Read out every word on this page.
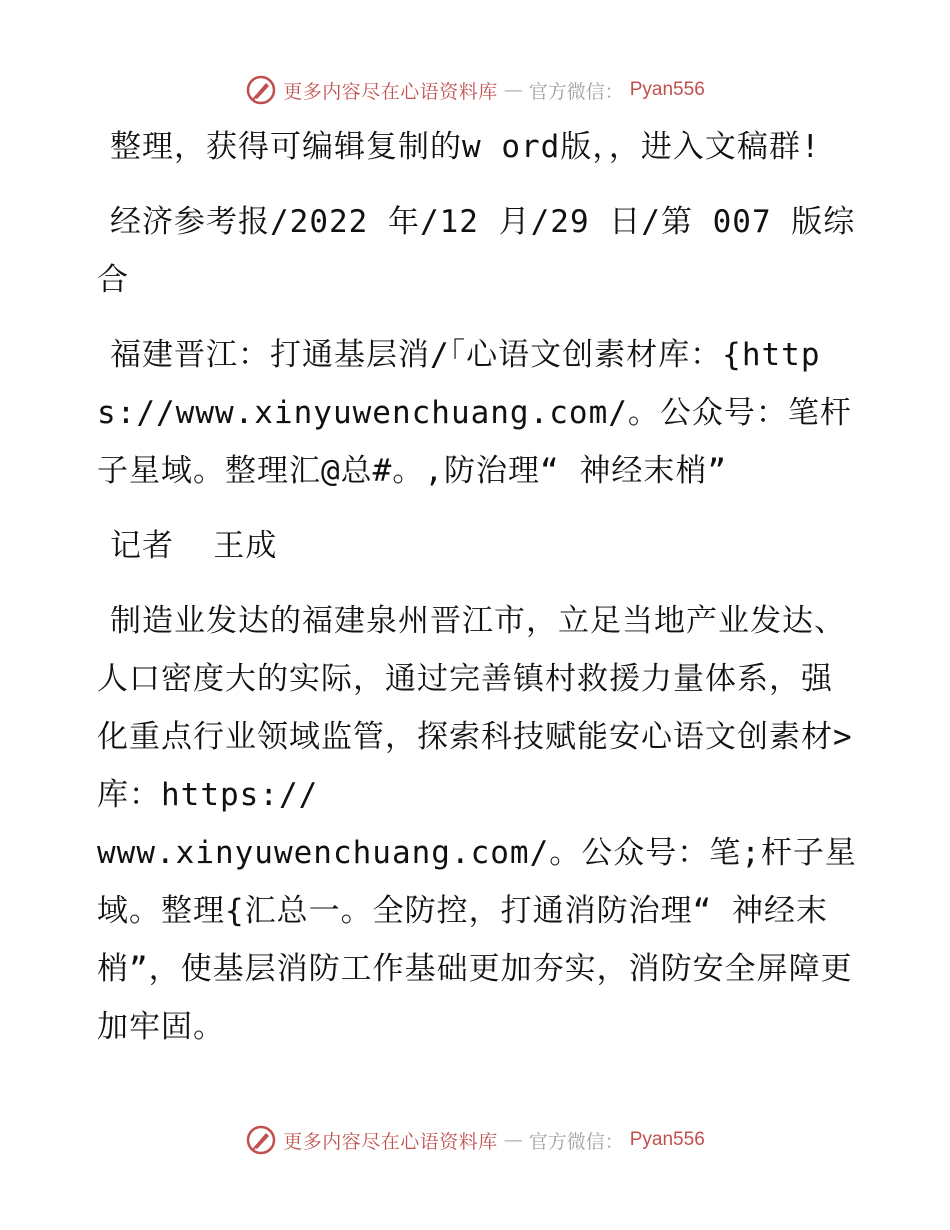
更多内容尽在心语资料库 — 官方微信： Pyan556

整理，获得可编辑复制的w ord版，，进入文稿群!

经济参考报/2022 年/12 月/29 日/第 007 版综合

福建晋江：打通基层消/｢心语文创素材库：{https://www.xinyuwenchuang.com/。公众号：笔杆子星域。整理汇@总#。,防治理“ 神经末梢”

记者  王成

制造业发达的福建泉州晋江市，立足当地产业发达、人口密度大的实际，通过完善镇村救援力量体系，强化重点行业领域监管，探索科技赋能安心语文创素材>库：https://
www.xinyuwenchuang.com/。公众号：笔;杆子星域。整理{汇总一。全防控，打通消防治理“ 神经末梢”，使基层消防工作基础更加夯实，消防安全屏障更加牢固。

更多内容尽在心语资料库 — 官方微信： Pyan556
